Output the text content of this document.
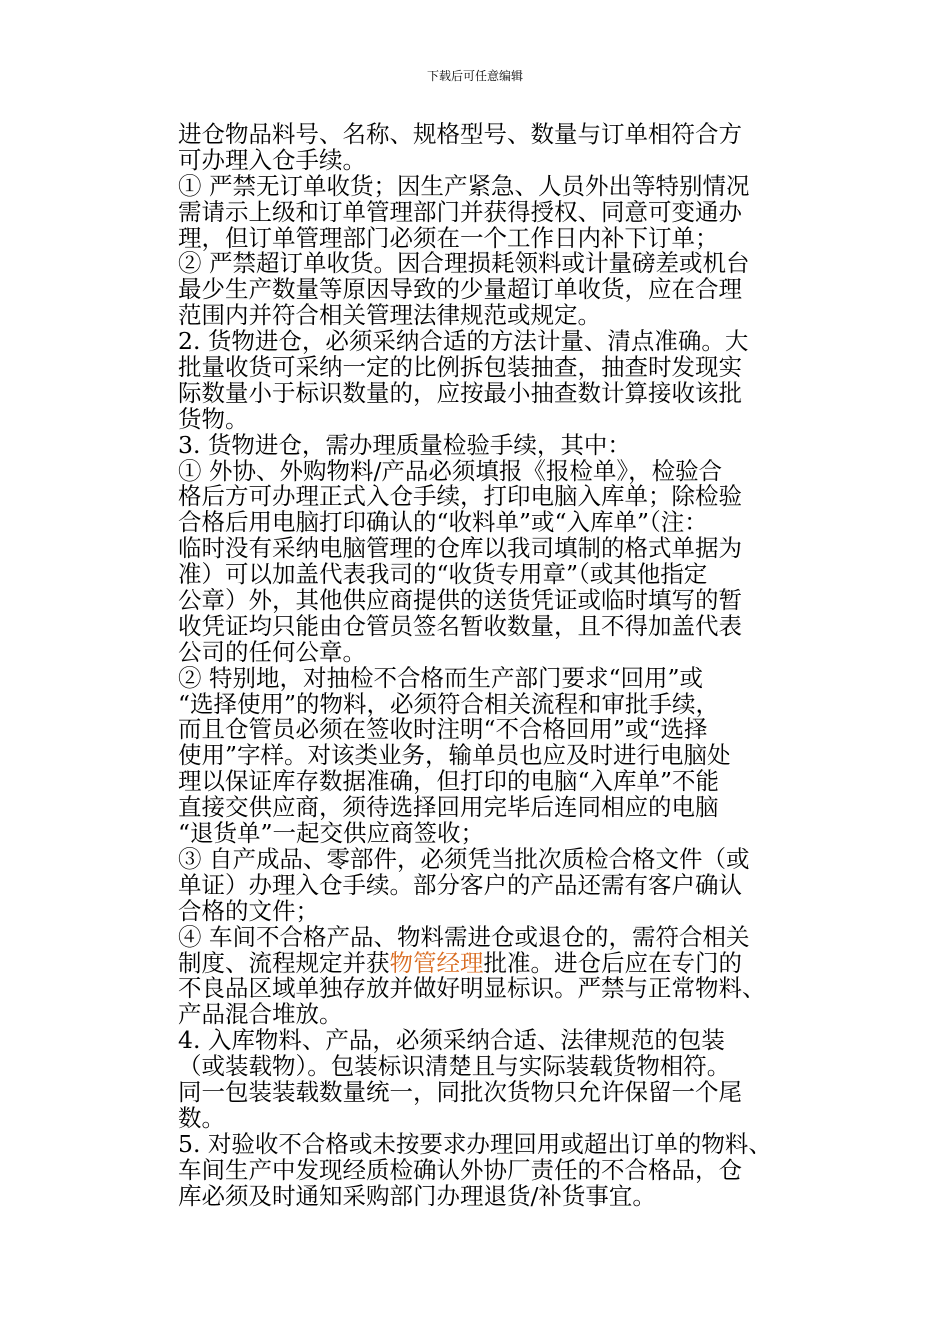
下载后可任意编辑
进仓物品料号、名称、规格型号、数量与订单相符合方
可办理入仓手续。
① 严禁无订单收货；因生产紧急、人员外出等特别情况
需请示上级和订单管理部门并获得授权、同意可变通办
理，但订单管理部门必须在一个工作日内补下订单；
② 严禁超订单收货。因合理损耗领料或计量磅差或机台
最少生产数量等原因导致的少量超订单收货，应在合理
范围内并符合相关管理法律规范或规定。
2. 货物进仓，必须采纳合适的方法计量、清点准确。大
批量收货可采纳一定的比例拆包装抽查，抽查时发现实
际数量小于标识数量的，应按最小抽查数计算接收该批
货物。
3. 货物进仓，需办理质量检验手续，其中：
① 外协、外购物料/产品必须填报《报检单》，检验合
格后方可办理正式入仓手续，打印电脑入库单；除检验
合格后用电脑打印确认的“收料单”或“入库单”（注：
临时没有采纳电脑管理的仓库以我司填制的格式单据为
准）可以加盖代表我司的“收货专用章”（或其他指定
公章）外，其他供应商提供的送货凭证或临时填写的暂
收凭证均只能由仓管员签名暂收数量，且不得加盖代表
公司的任何公章。
② 特别地，对抽检不合格而生产部门要求“回用”或
“选择使用”的物料，必须符合相关流程和审批手续，
而且仓管员必须在签收时注明“不合格回用”或“选择
使用”字样。对该类业务，输单员也应及时进行电脑处
理以保证库存数据准确，但打印的电脑“入库单”不能
直接交供应商，须待选择回用完毕后连同相应的电脑
“退货单”一起交供应商签收；
③ 自产成品、零部件，必须凭当批次质检合格文件（或
单证）办理入仓手续。部分客户的产品还需有客户确认
合格的文件；
④ 车间不合格产品、物料需进仓或退仓的，需符合相关
制度、流程规定并获物管经理批准。进仓后应在专门的
不良品区域单独存放并做好明显标识。严禁与正常物料、
产品混合堆放。
4. 入库物料、产品，必须采纳合适、法律规范的包装
（或装载物）。包装标识清楚且与实际装载货物相符。
同一包装装载数量统一，同批次货物只允许保留一个尾
数。
5. 对验收不合格或未按要求办理回用或超出订单的物料、
车间生产中发现经质检确认外协厂责任的不合格品，仓
库必须及时通知采购部门办理退货/补货事宜。
